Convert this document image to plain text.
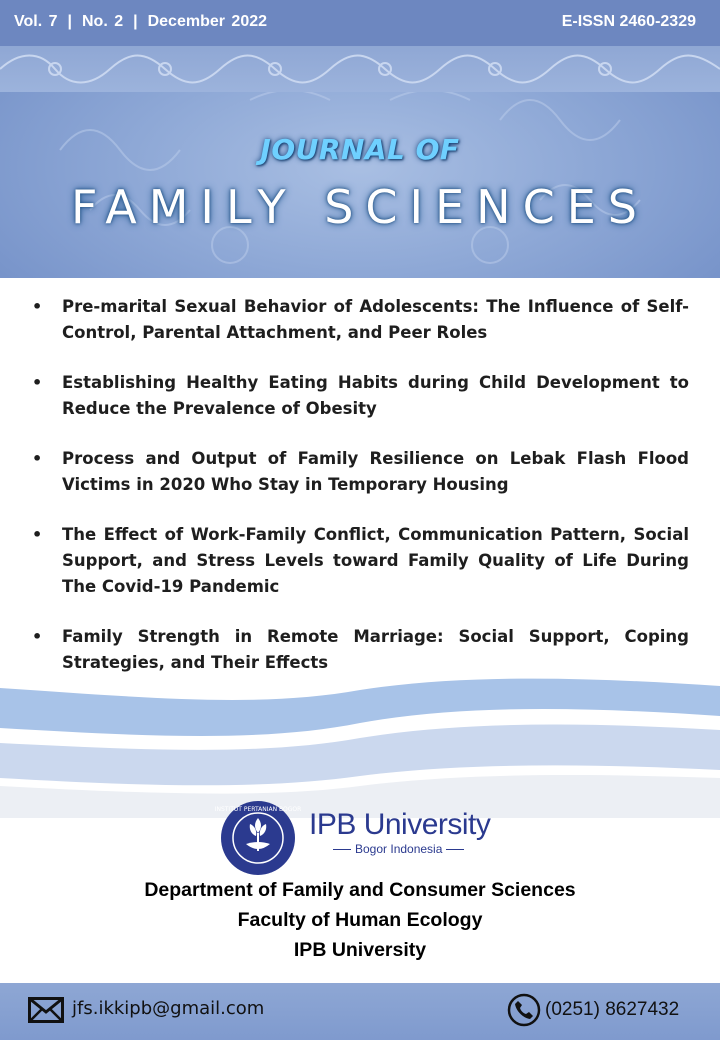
Vol. 7 | No. 2 | December 2022	E-ISSN 2460-2329
JOURNAL OF
FAMILY SCIENCES
• Pre-marital Sexual Behavior of Adolescents: The Influence of Self-Control, Parental Attachment, and Peer Roles
• Establishing Healthy Eating Habits during Child Development to Reduce the Prevalence of Obesity
• Process and Output of Family Resilience on Lebak Flash Flood Victims in 2020 Who Stay in Temporary Housing
• The Effect of Work-Family Conflict, Communication Pattern, Social Support, and Stress Levels toward Family Quality of Life During The Covid-19 Pandemic
• Family Strength in Remote Marriage: Social Support, Coping Strategies, and Their Effects
INSTITUT PERTANIAN BOGOR IPB University
Bogor Indonesia
Department of Family and Consumer Sciences
Faculty of Human Ecology
IPB University
jfs.ikkipb@gmail.com	(0251) 8627432
